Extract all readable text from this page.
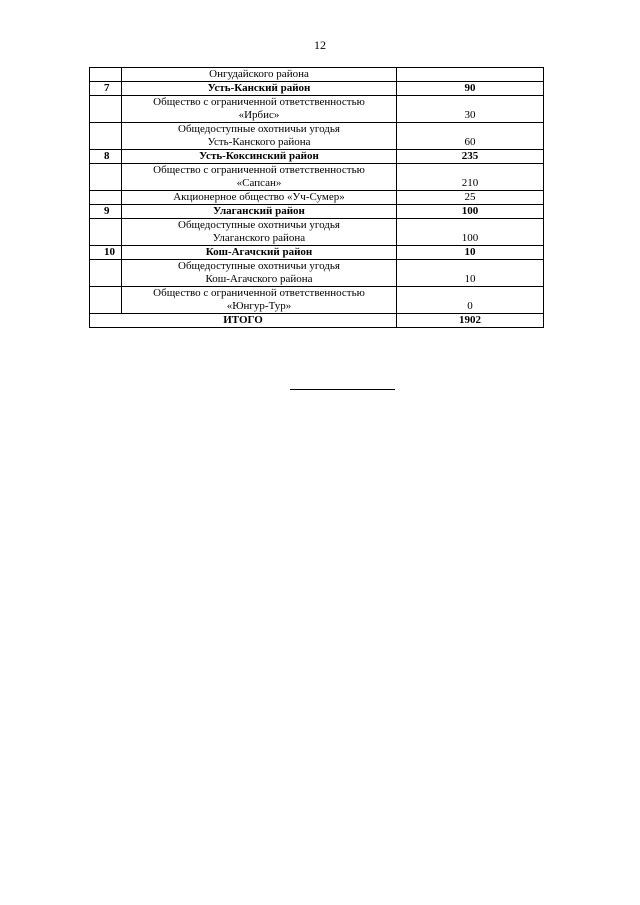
12

	Онгудайского района	

7	Усть-Канский район	90

	Общество с ограниченной ответственностью
«Ирбис»	30

	Общедоступные охотничьи угодья
Усть-Канского района	60
8	Усть-Коксинский район	235

	Общество с ограниченной ответственностью
«Сапсан»	210

	Акционерное общество «Уч-Сумер»	25
9	Улаганский район	100

	Общедоступные охотничьи угодья
Улаганского района	100
10	Кош-Агачский район	10

	Общедоступные охотничьи угодья
Кош-Агачского района	10

	Общество с ограниченной ответственностью
«Юнгур-Тур»	0
ИТОГО		1902
